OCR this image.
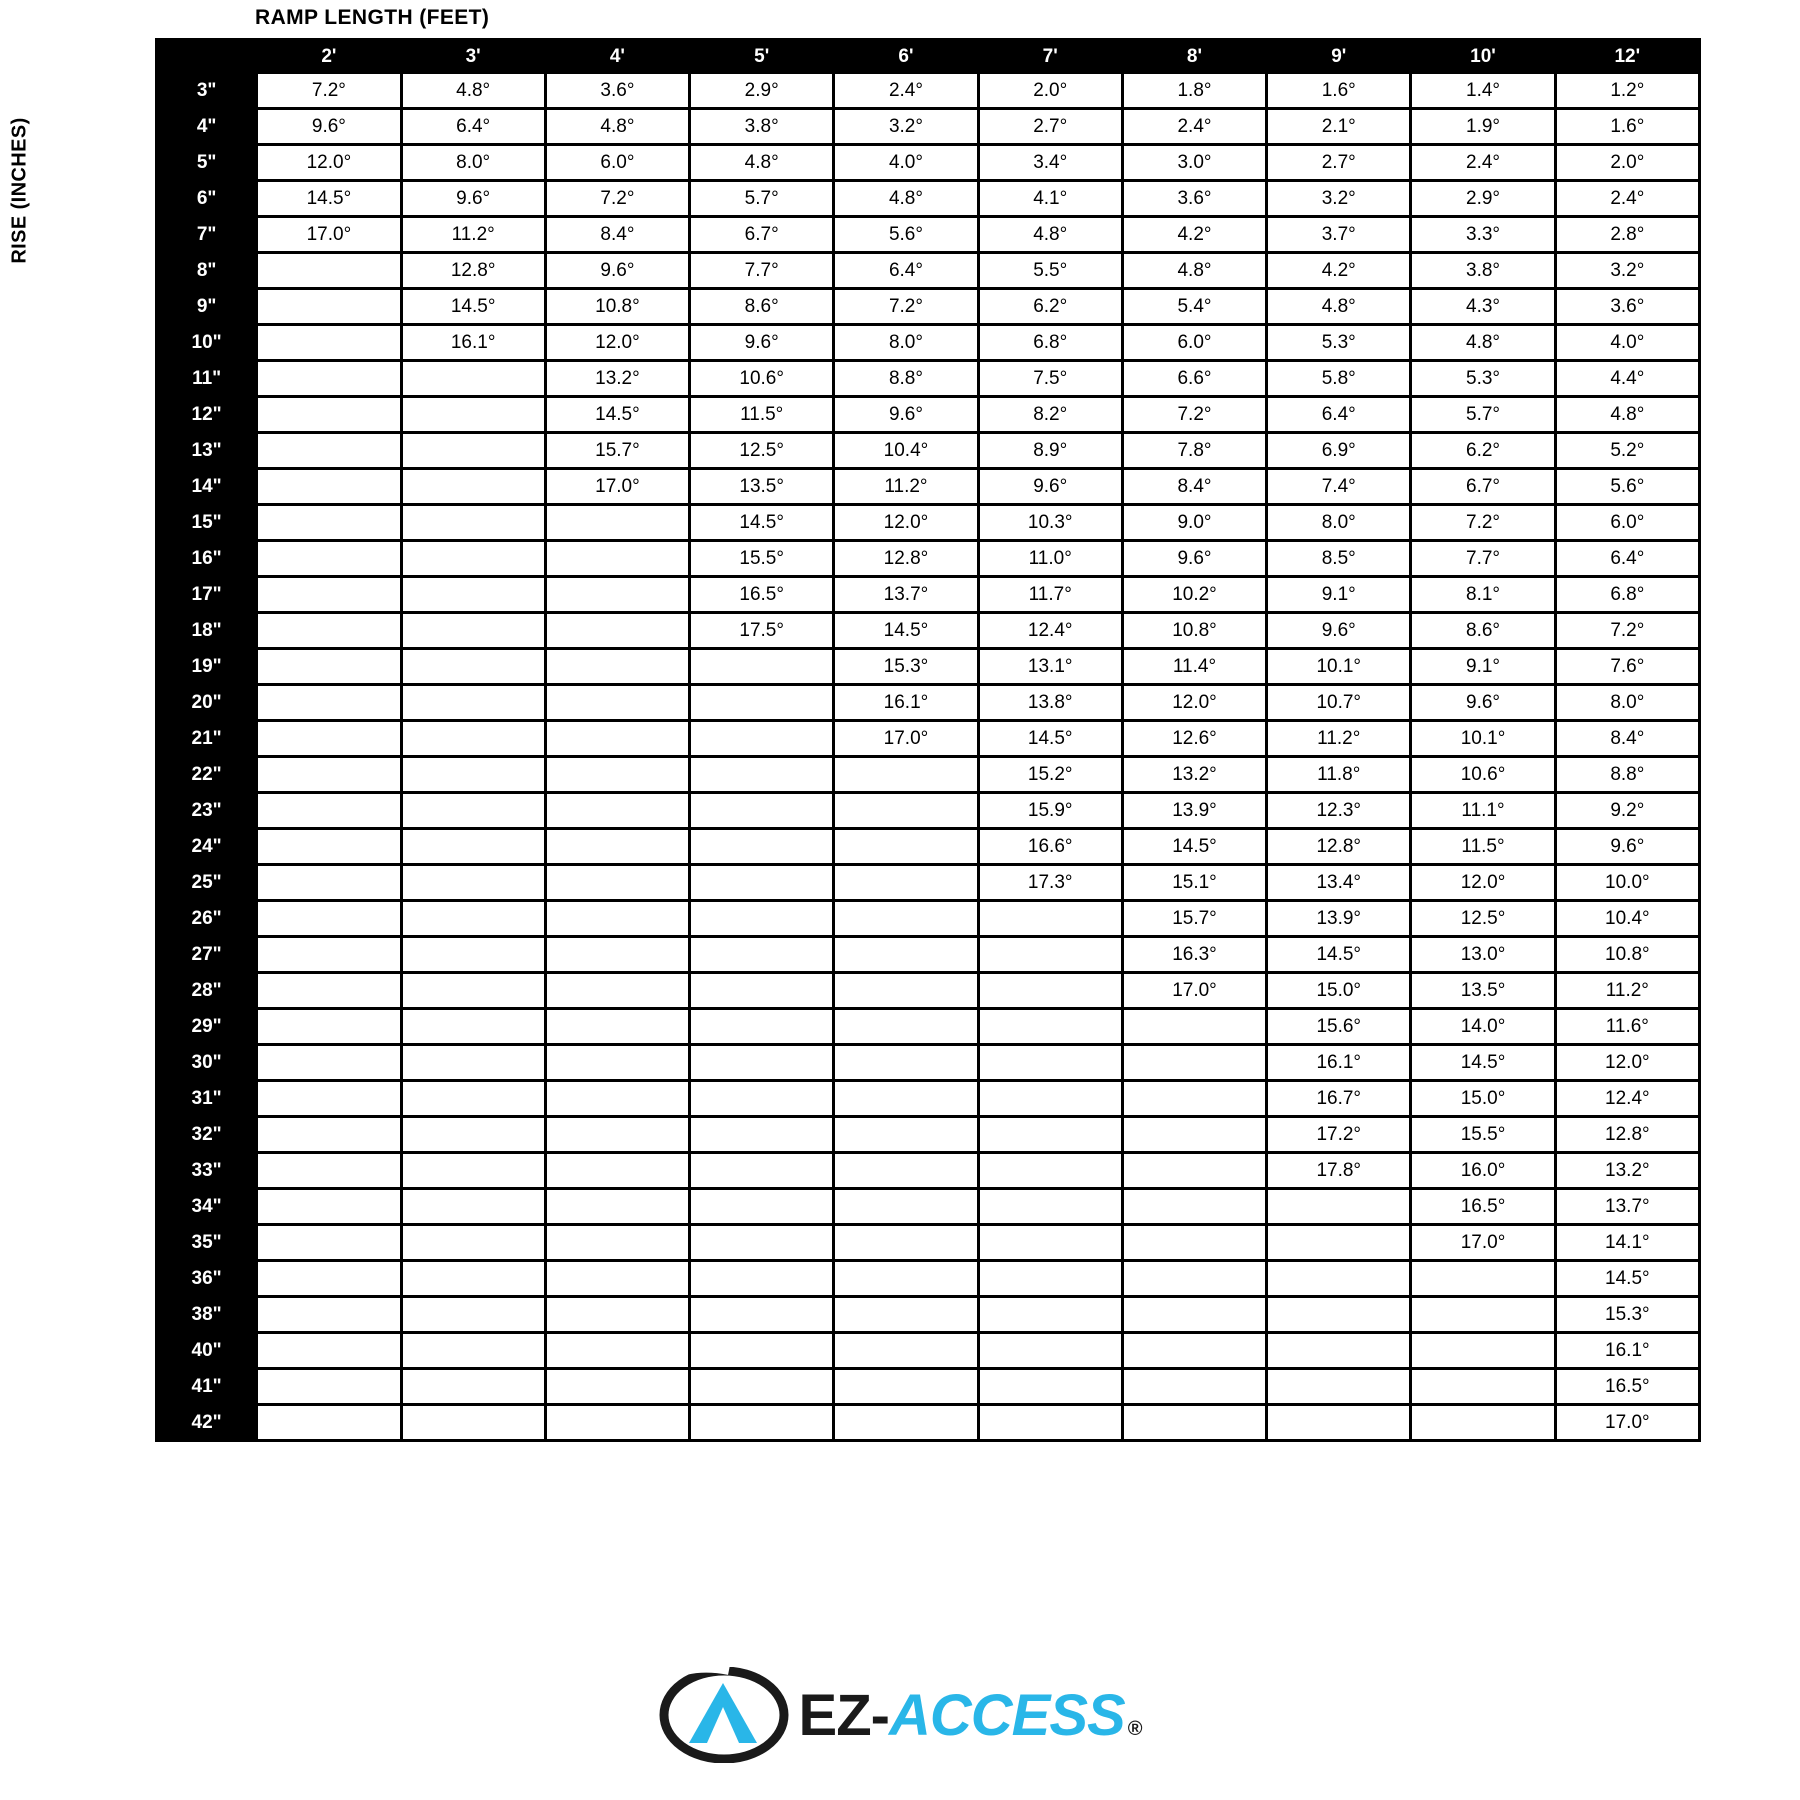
RAMP LENGTH (FEET)
RISE (INCHES)
	2'	3'	4'	5'	6'	7'	8'	9'	10'	12'
3"	7.2°	4.8°	3.6°	2.9°	2.4°	2.0°	1.8°	1.6°	1.4°	1.2°
4"	9.6°	6.4°	4.8°	3.8°	3.2°	2.7°	2.4°	2.1°	1.9°	1.6°
5"	12.0°	8.0°	6.0°	4.8°	4.0°	3.4°	3.0°	2.7°	2.4°	2.0°
6"	14.5°	9.6°	7.2°	5.7°	4.8°	4.1°	3.6°	3.2°	2.9°	2.4°
7"	17.0°	11.2°	8.4°	6.7°	5.6°	4.8°	4.2°	3.7°	3.3°	2.8°
8"		12.8°	9.6°	7.7°	6.4°	5.5°	4.8°	4.2°	3.8°	3.2°
9"		14.5°	10.8°	8.6°	7.2°	6.2°	5.4°	4.8°	4.3°	3.6°
10"		16.1°	12.0°	9.6°	8.0°	6.8°	6.0°	5.3°	4.8°	4.0°
11"			13.2°	10.6°	8.8°	7.5°	6.6°	5.8°	5.3°	4.4°
12"			14.5°	11.5°	9.6°	8.2°	7.2°	6.4°	5.7°	4.8°
13"			15.7°	12.5°	10.4°	8.9°	7.8°	6.9°	6.2°	5.2°
14"			17.0°	13.5°	11.2°	9.6°	8.4°	7.4°	6.7°	5.6°
15"				14.5°	12.0°	10.3°	9.0°	8.0°	7.2°	6.0°
16"				15.5°	12.8°	11.0°	9.6°	8.5°	7.7°	6.4°
17"				16.5°	13.7°	11.7°	10.2°	9.1°	8.1°	6.8°
18"				17.5°	14.5°	12.4°	10.8°	9.6°	8.6°	7.2°
19"					15.3°	13.1°	11.4°	10.1°	9.1°	7.6°
20"					16.1°	13.8°	12.0°	10.7°	9.6°	8.0°
21"					17.0°	14.5°	12.6°	11.2°	10.1°	8.4°
22"						15.2°	13.2°	11.8°	10.6°	8.8°
23"						15.9°	13.9°	12.3°	11.1°	9.2°
24"						16.6°	14.5°	12.8°	11.5°	9.6°
25"						17.3°	15.1°	13.4°	12.0°	10.0°
26"							15.7°	13.9°	12.5°	10.4°
27"							16.3°	14.5°	13.0°	10.8°
28"							17.0°	15.0°	13.5°	11.2°
29"								15.6°	14.0°	11.6°
30"								16.1°	14.5°	12.0°
31"								16.7°	15.0°	12.4°
32"								17.2°	15.5°	12.8°
33"								17.8°	16.0°	13.2°
34"									16.5°	13.7°
35"									17.0°	14.1°
36"										14.5°
38"										15.3°
40"										16.1°
41"										16.5°
42"										17.0°
EZ- ACCESS ®
